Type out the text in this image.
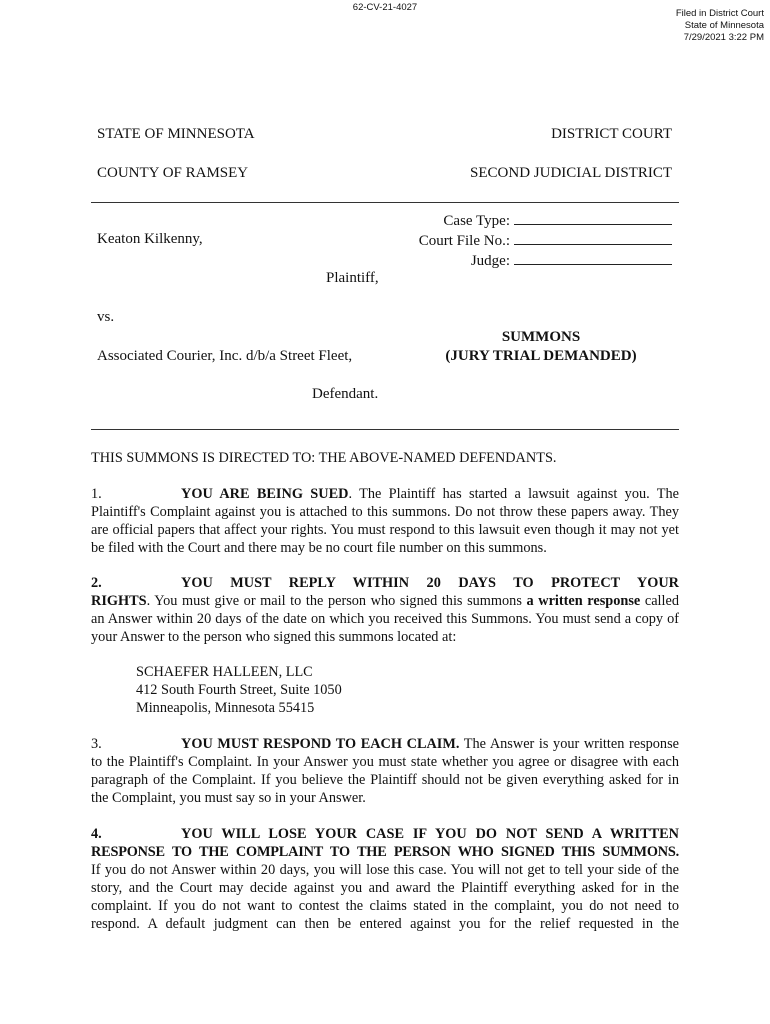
62-CV-21-4027
Filed in District Court
State of Minnesota
7/29/2021 3:22 PM
STATE OF MINNESOTA	DISTRICT COURT
COUNTY OF RAMSEY	SECOND JUDICIAL DISTRICT
Case Type:
Court File No.:
Judge:
Keaton Kilkenny,
Plaintiff,
vs.
SUMMONS
(JURY TRIAL DEMANDED)
Associated Courier, Inc. d/b/a Street Fleet,
Defendant.
THIS SUMMONS IS DIRECTED TO: THE ABOVE-NAMED DEFENDANTS.

1.	YOU ARE BEING SUED. The Plaintiff has started a lawsuit against you. The Plaintiff's Complaint against you is attached to this summons. Do not throw these papers away. They are official papers that affect your rights. You must respond to this lawsuit even though it may not yet be filed with the Court and there may be no court file number on this summons.

2.	YOU MUST REPLY WITHIN 20 DAYS TO PROTECT YOUR

RIGHTS. You must give or mail to the person who signed this summons a written response called an Answer within 20 days of the date on which you received this Summons. You must send a copy of your Answer to the person who signed this summons located at:

SCHAEFER HALLEEN, LLC
412 South Fourth Street, Suite 1050
Minneapolis, Minnesota 55415

3.	YOU MUST RESPOND TO EACH CLAIM. The Answer is your written response to the Plaintiff's Complaint. In your Answer you must state whether you agree or disagree with each paragraph of the Complaint. If you believe the Plaintiff should not be given everything asked for in the Complaint, you must say so in your Answer.

4.	YOU WILL LOSE YOUR CASE IF YOU DO NOT SEND A WRITTEN

RESPONSE TO THE COMPLAINT TO THE PERSON WHO SIGNED THIS SUMMONS.

If you do not Answer within 20 days, you will lose this case. You will not get to tell your side of the story, and the Court may decide against you and award the Plaintiff everything asked for in the complaint. If you do not want to contest the claims stated in the complaint, you do not need to respond. A default judgment can then be entered against you for the relief requested in the
